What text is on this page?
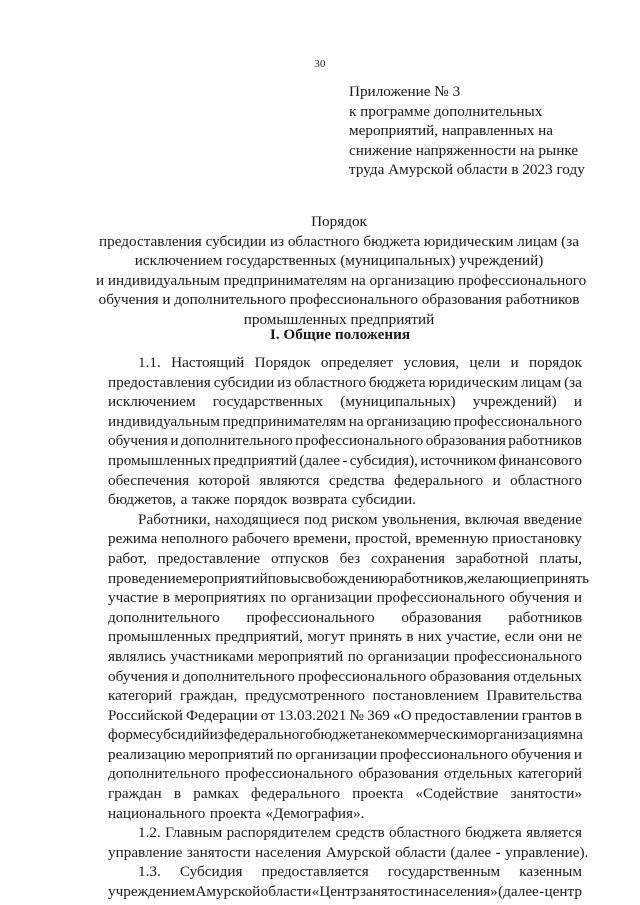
30
Приложение № 3
к программе дополнительных
мероприятий, направленных на
снижение напряженности на рынке
труда Амурской области в 2023 году
Порядок
предоставления субсидии из областного бюджета юридическим лицам (за
исключением государственных (муниципальных) учреждений)
и индивидуальным предпринимателям на организацию профессионального
обучения и дополнительного профессионального образования работников
промышленных предприятий
I. Общие положения
1.1. Настоящий Порядок определяет условия, цели и порядок
предоставления субсидии из областного бюджета юридическим лицам (за
исключением государственных (муниципальных) учреждений) и
индивидуальным предпринимателям на организацию профессионального
обучения и дополнительного профессионального образования работников
промышленных предприятий (далее - субсидия), источником финансового
обеспечения которой являются средства федерального и областного
бюджетов, а также порядок возврата субсидии.
Работники, находящиеся под риском увольнения, включая введение
режима неполного рабочего времени, простой, временную приостановку
работ, предоставление отпусков без сохранения заработной платы,
проведение мероприятий по высвобождению работников, желающие принять
участие в мероприятиях по организации профессионального обучения и
дополнительного профессионального образования работников
промышленных предприятий, могут принять в них участие, если они не
являлись участниками мероприятий по организации профессионального
обучения и дополнительного профессионального образования отдельных
категорий граждан, предусмотренного постановлением Правительства
Российской Федерации от 13.03.2021 № 369 «О предоставлении грантов в
форме субсидий из федерального бюджета некоммерческим организациям на
реализацию мероприятий по организации профессионального обучения и
дополнительного профессионального образования отдельных категорий
граждан в рамках федерального проекта «Содействие занятости»
национального проекта «Демография».
1.2. Главным распорядителем средств областного бюджета является
управление занятости населения Амурской области (далее - управление).
1.3. Субсидия предоставляется государственным казенным
учреждением Амурской области «Центр занятости населения» (далее - центр
